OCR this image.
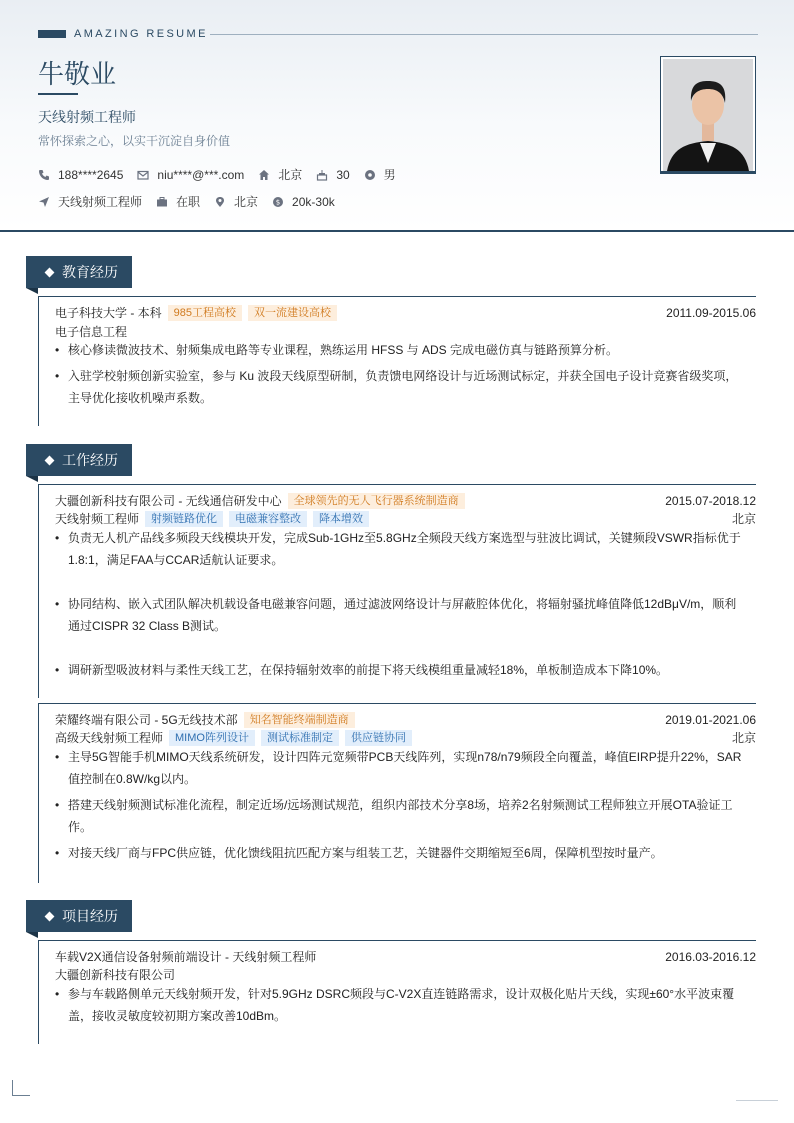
AMAZING RESUME
牛敬业
天线射频工程师
常怀探索之心，以实干沉淀自身价值
188****2645	niu****@***.com	北京	30	男
天线射频工程师	在职	北京	$ 20k-30k
教育经历
电子科技大学 - 本科	985工程高校	双一流建设高校	2011.09-2015.06
电子信息工程
• 核心修读微波技术、射频集成电路等专业课程，熟练运用 HFSS 与 ADS 完成电磁仿真与链路预算分析。
• 入驻学校射频创新实验室，参与 Ku 波段天线原型研制，负责馈电网络设计与近场测试标定，并获全国电子设计竞赛省级奖项，主导优化接收机噪声系数。
工作经历
大疆创新科技有限公司 - 无线通信研发中心	全球领先的无人飞行器系统制造商	2015.07-2018.12
天线射频工程师	射频链路优化	电磁兼容整改	降本增效	北京
• 负责无人机产品线多频段天线模块开发，完成Sub-1GHz至5.8GHz全频段天线方案选型与驻波比调试，关键频段VSWR指标优于1.8:1，满足FAA与CCAR适航认证要求。
• 协同结构、嵌入式团队解决机载设备电磁兼容问题，通过滤波网络设计与屏蔽腔体优化，将辐射骚扰峰值降低12dBμV/m，顺利通过CISPR 32 Class B测试。
• 调研新型吸波材料与柔性天线工艺，在保持辐射效率的前提下将天线模组重量减轻18%，单板制造成本下降10%。
荣耀终端有限公司 - 5G无线技术部	知名智能终端制造商	2019.01-2021.06
高级天线射频工程师	MIMO阵列设计	测试标准制定	供应链协同	北京
• 主导5G智能手机MIMO天线系统研发，设计四阵元宽频带PCB天线阵列，实现n78/n79频段全向覆盖，峰值EIRP提升22%，SAR值控制在0.8W/kg以内。
• 搭建天线射频测试标准化流程，制定近场/远场测试规范，组织内部技术分享8场，培养2名射频测试工程师独立开展OTA验证工作。
• 对接天线厂商与FPC供应链，优化馈线阻抗匹配方案与组装工艺，关键器件交期缩短至6周，保障机型按时量产。
项目经历
车载V2X通信设备射频前端设计 - 天线射频工程师	2016.03-2016.12
大疆创新科技有限公司
• 参与车载路侧单元天线射频开发，针对5.9GHz DSRC频段与C-V2X直连链路需求，设计双极化贴片天线，实现±60°水平波束覆盖，接收灵敏度较初期方案改善10dBm。
